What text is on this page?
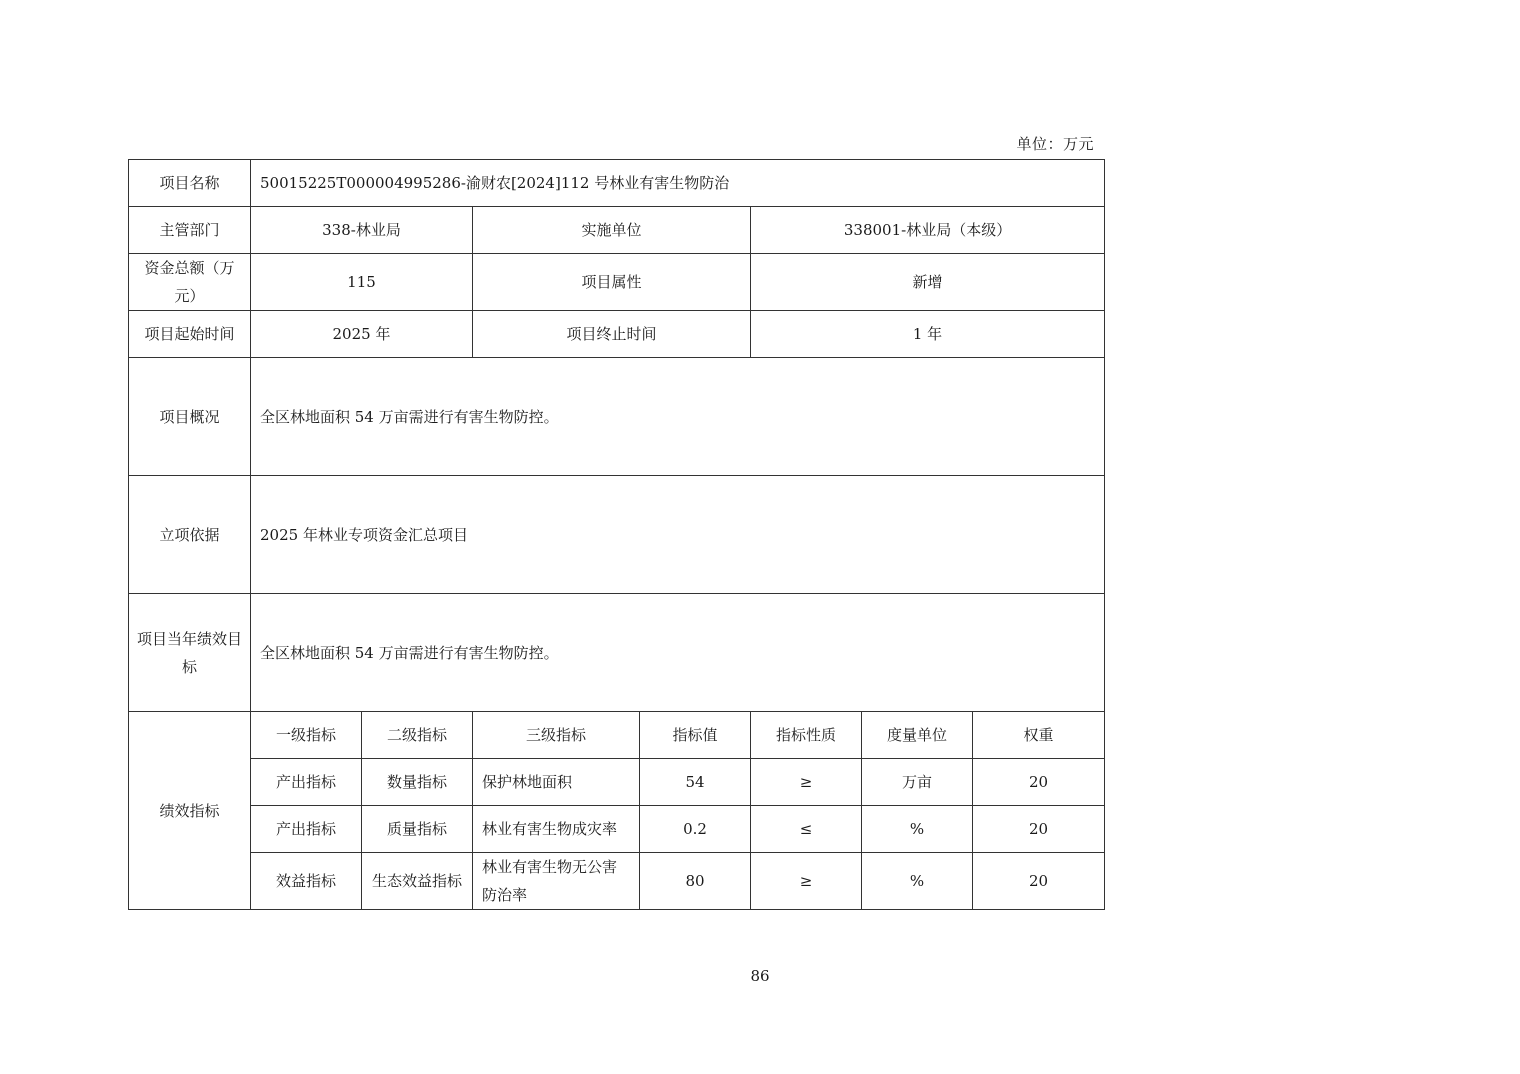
单位：万元
项目名称	50015225T000004995286-渝财农[2024]112 号林业有害生物防治						
主管部门	338-林业局		实施单位		338001-林业局（本级）		
资金总额（万元）	115		项目属性		新增		
项目起始时间	2025 年		项目终止时间		1 年		
项目概况	全区林地面积 54 万亩需进行有害生物防控。						
立项依据	2025 年林业专项资金汇总项目						
项目当年绩效目标	全区林地面积 54 万亩需进行有害生物防控。						
绩效指标	一级指标	二级指标	三级指标	指标值	指标性质	度量单位	权重
	产出指标	数量指标	保护林地面积	54	≥	万亩	20
	产出指标	质量指标	林业有害生物成灾率	0.2	≤	%	20
	效益指标	生态效益指标	林业有害生物无公害防治率	80	≥	%	20
86
